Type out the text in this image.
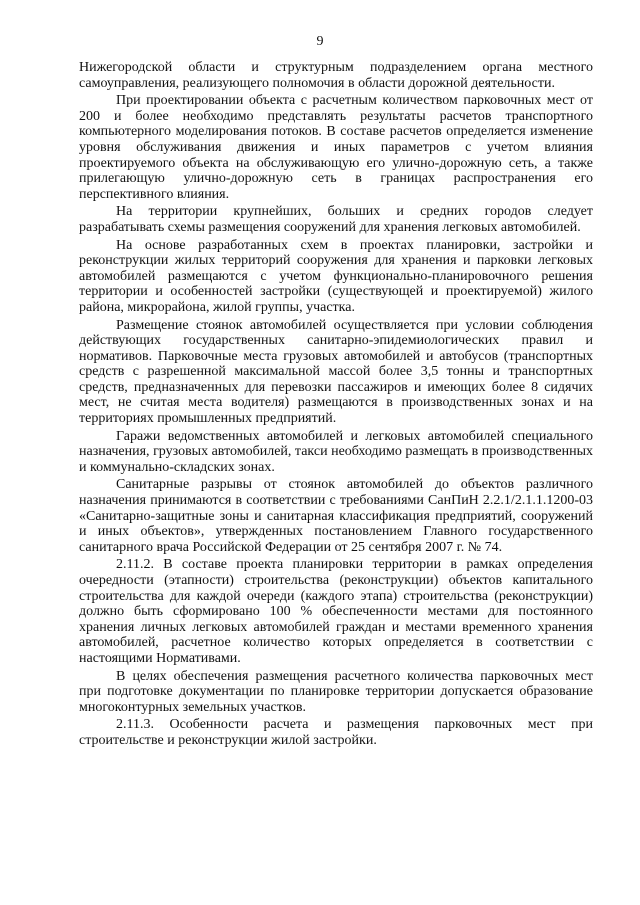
9

Нижегородской области и структурным подразделением органа местного самоуправления, реализующего полномочия в области дорожной деятельности.

При проектировании объекта с расчетным количеством парковочных мест от 200 и более необходимо представлять результаты расчетов транспортного компьютерного моделирования потоков. В составе расчетов определяется изменение уровня обслуживания движения и иных параметров с учетом влияния проектируемого объекта на обслуживающую его улично-дорожную сеть, а также прилегающую улично-дорожную сеть в границах распространения его перспективного влияния.

На территории крупнейших, больших и средних городов следует разрабатывать схемы размещения сооружений для хранения легковых автомобилей.

На основе разработанных схем в проектах планировки, застройки и реконструкции жилых территорий сооружения для хранения и парковки легковых автомобилей размещаются с учетом функционально-планировочного решения территории и особенностей застройки (существующей и проектируемой) жилого района, микрорайона, жилой группы, участка.

Размещение стоянок автомобилей осуществляется при условии соблюдения действующих государственных санитарно-эпидемиологических правил и нормативов. Парковочные места грузовых автомобилей и автобусов (транспортных средств с разрешенной максимальной массой более 3,5 тонны и транспортных средств, предназначенных для перевозки пассажиров и имеющих более 8 сидячих мест, не считая места водителя) размещаются в производственных зонах и на территориях промышленных предприятий.

Гаражи ведомственных автомобилей и легковых автомобилей специального назначения, грузовых автомобилей, такси необходимо размещать в производственных и коммунально-складских зонах.

Санитарные разрывы от стоянок автомобилей до объектов различного назначения принимаются в соответствии с требованиями СанПиН 2.2.1/2.1.1.1200-03 «Санитарно-защитные зоны и санитарная классификация предприятий, сооружений и иных объектов», утвержденных постановлением Главного государственного санитарного врача Российской Федерации от 25 сентября 2007 г. № 74.

2.11.2. В составе проекта планировки территории в рамках определения очередности (этапности) строительства (реконструкции) объектов капитального строительства для каждой очереди (каждого этапа) строительства (реконструкции) должно быть сформировано 100 % обеспеченности местами для постоянного хранения личных легковых автомобилей граждан и местами временного хранения автомобилей, расчетное количество которых определяется в соответствии с настоящими Нормативами.

В целях обеспечения размещения расчетного количества парковочных мест при подготовке документации по планировке территории допускается образование многоконтурных земельных участков.

2.11.3. Особенности расчета и размещения парковочных мест при строительстве и реконструкции жилой застройки.
